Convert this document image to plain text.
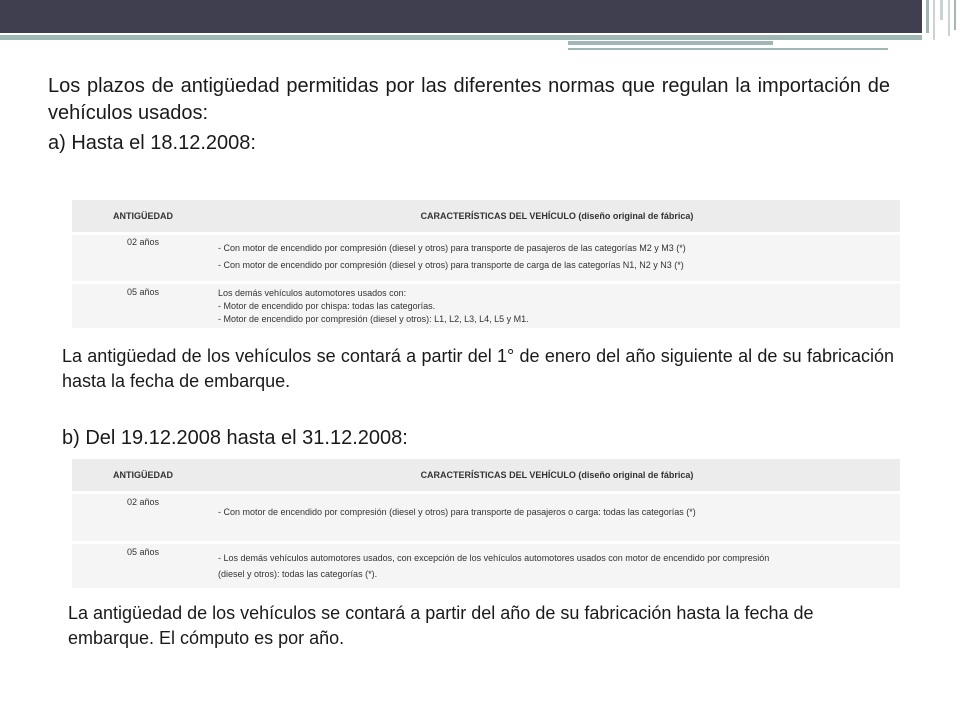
Los plazos de antigüedad permitidas por las diferentes normas que regulan la importación de vehículos usados:
a) Hasta el 18.12.2008:
ANTIGÜEDAD	CARACTERÍSTICAS DEL VEHÍCULO (diseño original de fábrica)

02 años	- Con motor de encendido por compresión (diesel y otros) para transporte de pasajeros de las categorías M2 y M3 (*)
- Con motor de encendido por compresión (diesel y otros) para transporte de carga de las categorías N1, N2 y N3 (*)

05 años	Los demás vehículos automotores usados con:
- Motor de encendido por chispa: todas las categorías.
- Motor de encendido por compresión (diesel y otros): L1, L2, L3, L4, L5 y M1.
La antigüedad de los vehículos se contará a partir del 1° de enero del año siguiente al de su fabricación hasta la fecha de embarque.
b) Del 19.12.2008 hasta el 31.12.2008:
ANTIGÜEDAD	CARACTERÍSTICAS DEL VEHÍCULO (diseño original de fábrica)

02 años	- Con motor de encendido por compresión (diesel y otros) para transporte de pasajeros o carga: todas las categorías (*)

05 años	- Los demás vehículos automotores usados, con excepción de los vehículos automotores usados con motor de encendido por compresión
(diesel y otros): todas las categorías (*).
La antigüedad de los vehículos se contará a partir del año de su fabricación hasta la fecha de embarque. El cómputo es por año.
